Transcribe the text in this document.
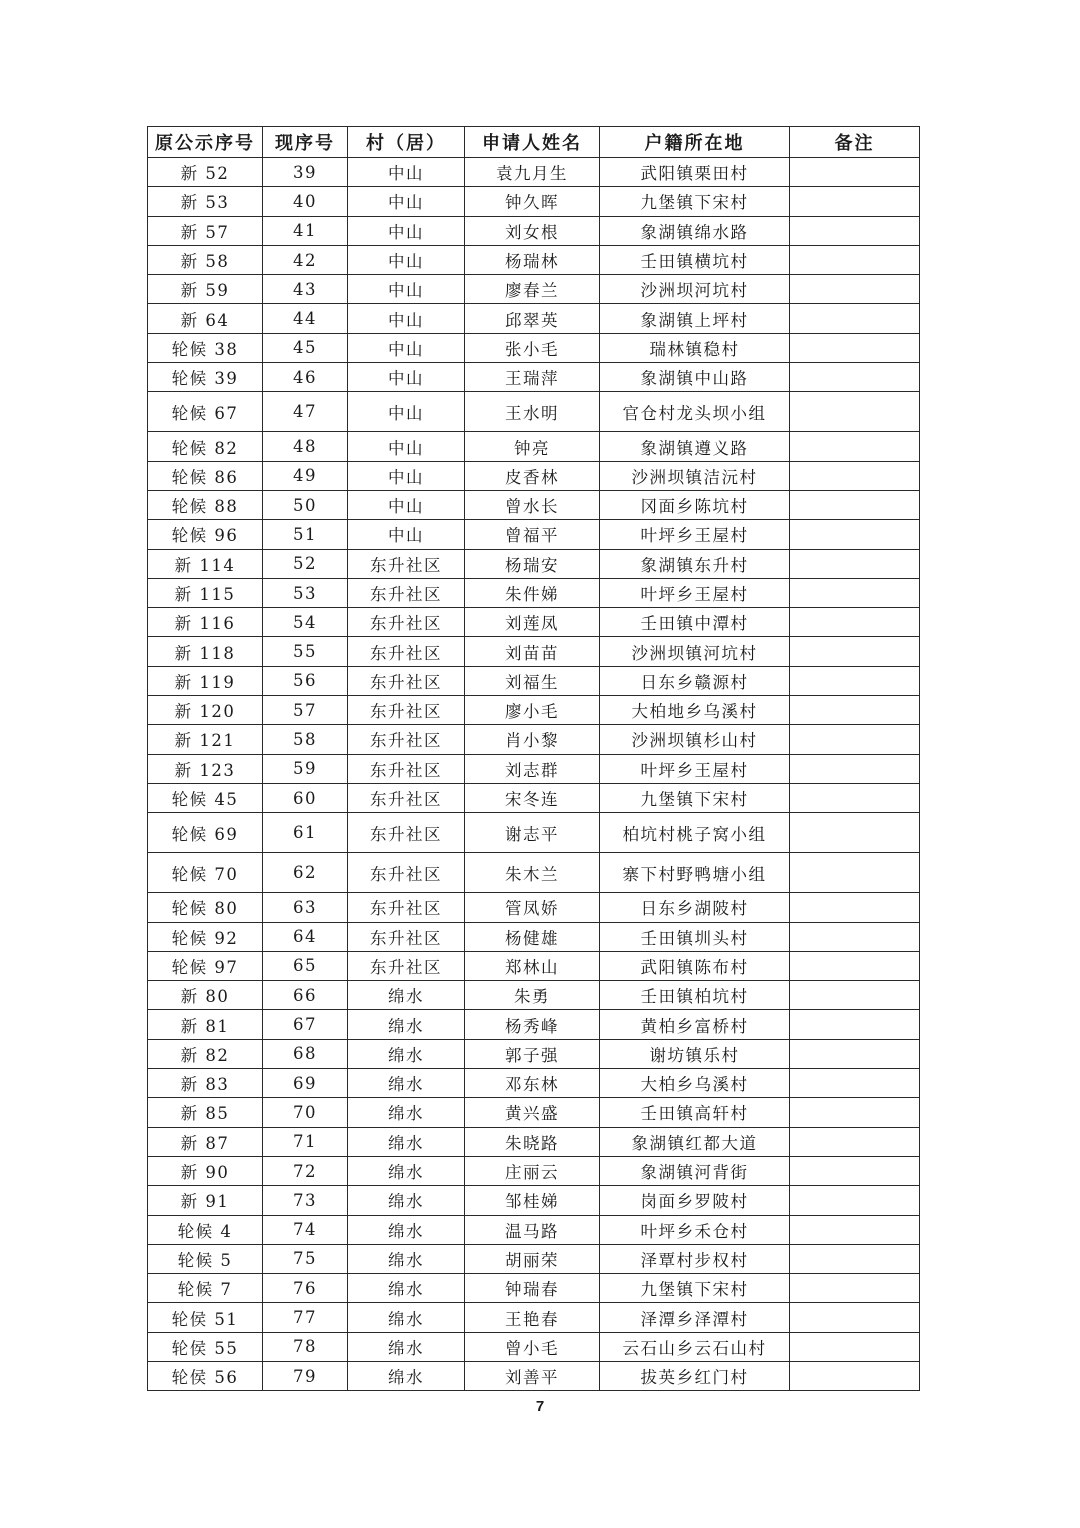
原公示序号	现序号	村（居）	申请人姓名	户籍所在地	备注
新 52	39	中山	袁九月生	武阳镇栗田村	
新 53	40	中山	钟久晖	九堡镇下宋村	
新 57	41	中山	刘女根	象湖镇绵水路	
新 58	42	中山	杨瑞林	壬田镇横坑村	
新 59	43	中山	廖春兰	沙洲坝河坑村	
新 64	44	中山	邱翠英	象湖镇上坪村	
轮候 38	45	中山	张小毛	瑞林镇稳村	
轮候 39	46	中山	王瑞萍	象湖镇中山路	
轮候 67	47	中山	王水明	官仓村龙头坝小组	
轮候 82	48	中山	钟亮	象湖镇遵义路	
轮候 86	49	中山	皮香林	沙洲坝镇洁沅村	
轮候 88	50	中山	曾水长	冈面乡陈坑村	
轮候 96	51	中山	曾福平	叶坪乡王屋村	
新 114	52	东升社区	杨瑞安	象湖镇东升村	
新 115	53	东升社区	朱件娣	叶坪乡王屋村	
新 116	54	东升社区	刘莲凤	壬田镇中潭村	
新 118	55	东升社区	刘苗苗	沙洲坝镇河坑村	
新 119	56	东升社区	刘福生	日东乡赣源村	
新 120	57	东升社区	廖小毛	大柏地乡乌溪村	
新 121	58	东升社区	肖小黎	沙洲坝镇杉山村	
新 123	59	东升社区	刘志群	叶坪乡王屋村	
轮候 45	60	东升社区	宋冬连	九堡镇下宋村	
轮候 69	61	东升社区	谢志平	柏坑村桃子窝小组	
轮候 70	62	东升社区	朱木兰	寨下村野鸭塘小组	
轮候 80	63	东升社区	管凤娇	日东乡湖陂村	
轮候 92	64	东升社区	杨健雄	壬田镇圳头村	
轮候 97	65	东升社区	郑林山	武阳镇陈布村	
新 80	66	绵水	朱勇	壬田镇柏坑村	
新 81	67	绵水	杨秀峰	黄柏乡富桥村	
新 82	68	绵水	郭子强	谢坊镇乐村	
新 83	69	绵水	邓东林	大柏乡乌溪村	
新 85	70	绵水	黄兴盛	壬田镇高轩村	
新 87	71	绵水	朱晓路	象湖镇红都大道	
新 90	72	绵水	庄丽云	象湖镇河背街	
新 91	73	绵水	邹桂娣	岗面乡罗陂村	
轮候 4	74	绵水	温马路	叶坪乡禾仓村	
轮候 5	75	绵水	胡丽荣	泽覃村步权村	
轮候 7	76	绵水	钟瑞春	九堡镇下宋村	
轮侯 51	77	绵水	王艳春	泽潭乡泽潭村	
轮侯 55	78	绵水	曾小毛	云石山乡云石山村	
轮侯 56	79	绵水	刘善平	拔英乡红门村	
7
